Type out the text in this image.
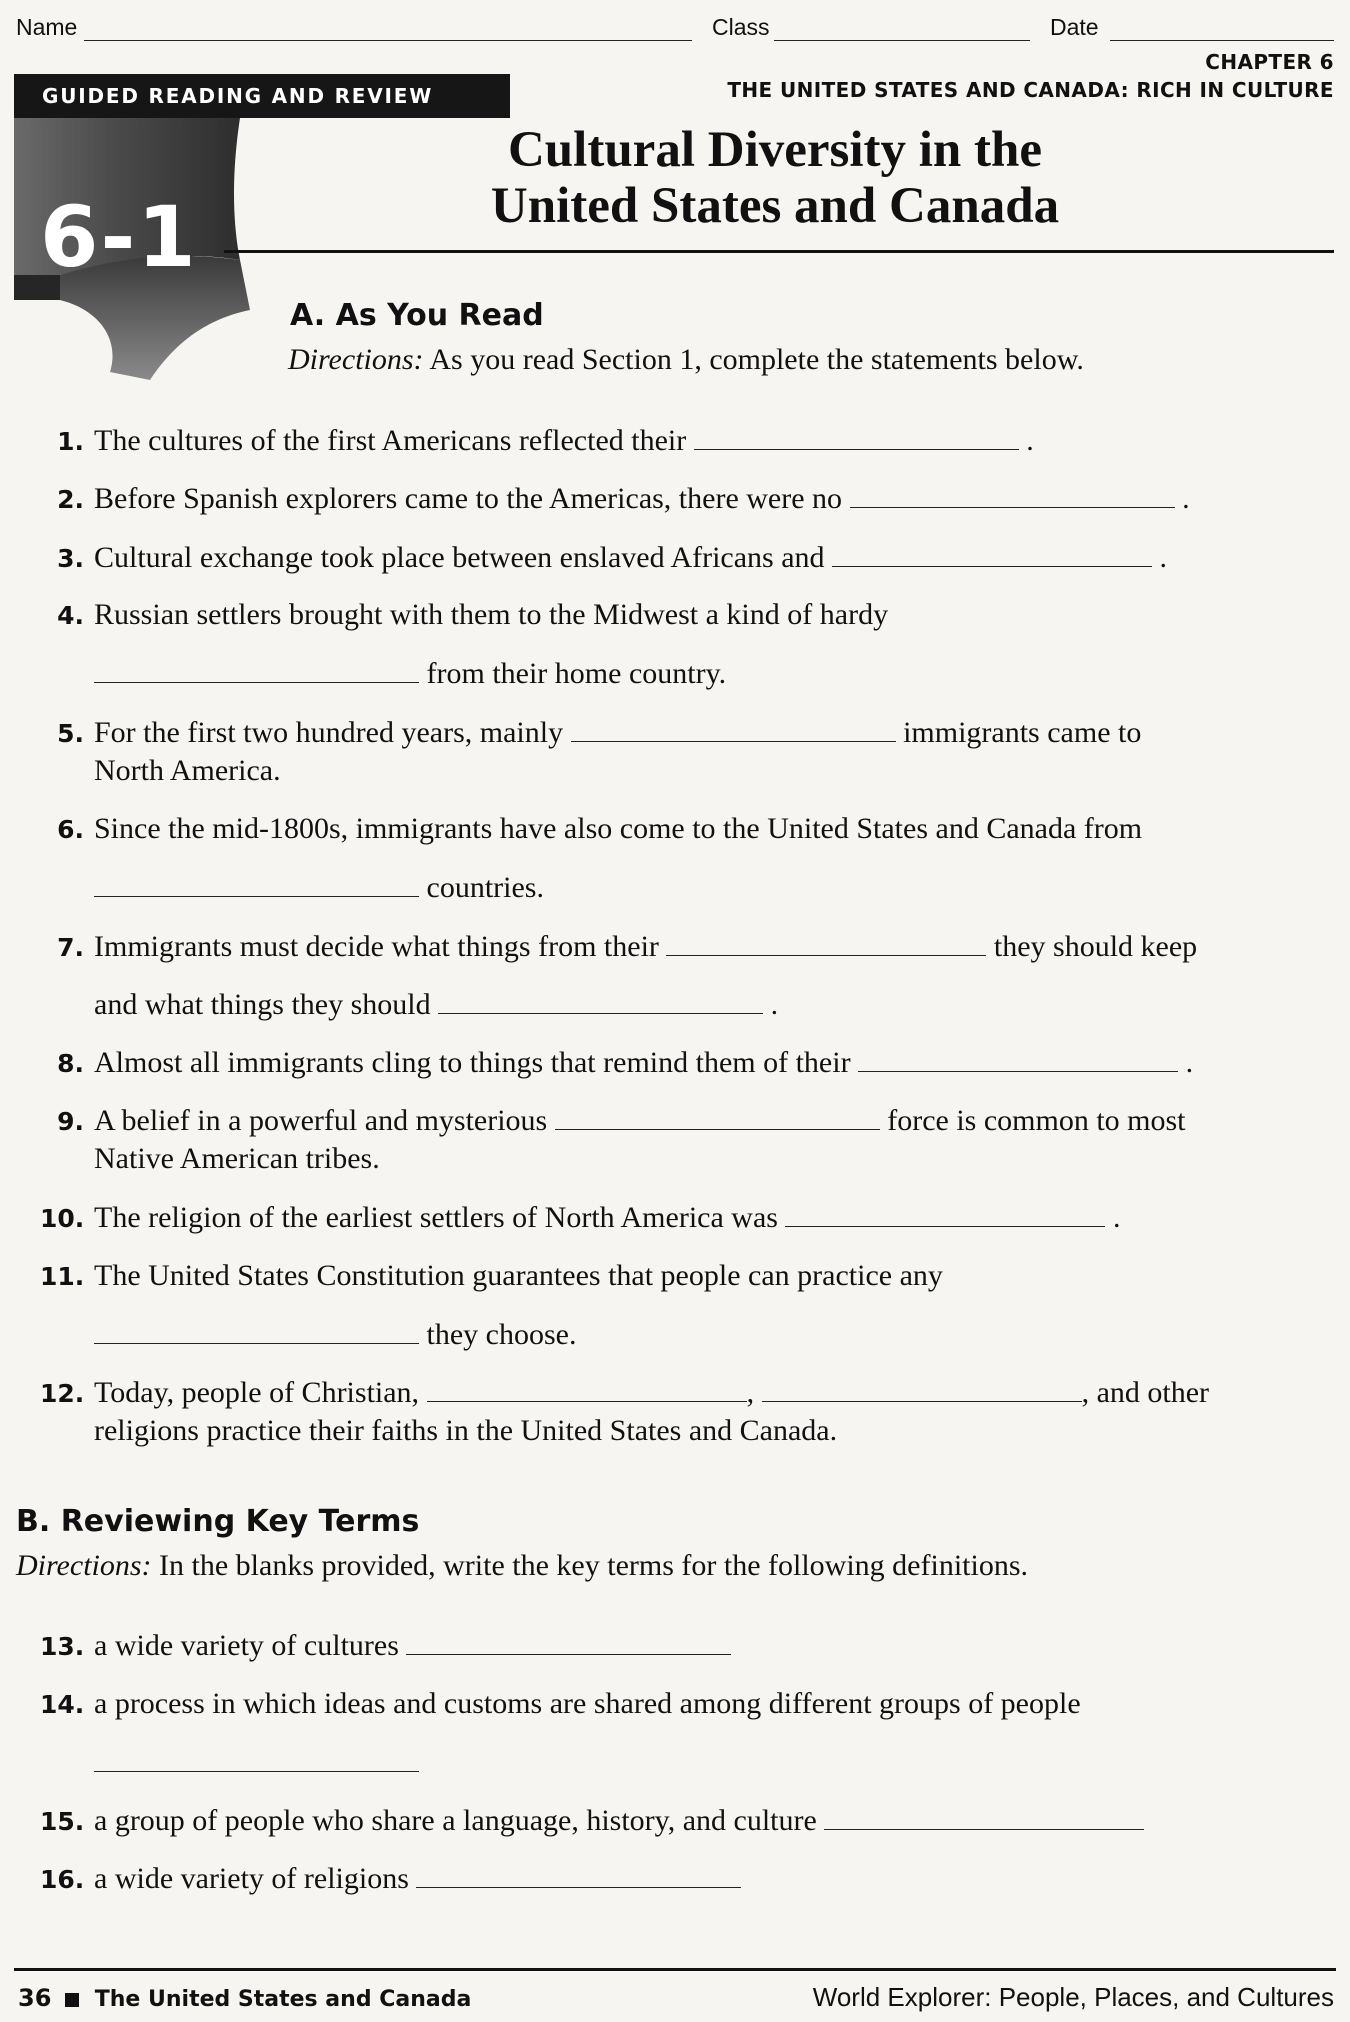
Name	Class	Date
CHAPTER 6
THE UNITED STATES AND CANADA: RICH IN CULTURE
GUIDED READING AND REVIEW
6-1
Cultural Diversity in the
United States and Canada
A. As You Read
Directions: As you read Section 1, complete the statements below.
1. The cultures of the first Americans reflected their	.
2. Before Spanish explorers came to the Americas, there were no	.
3. Cultural exchange took place between enslaved Africans and	.
4. Russian settlers brought with them to the Midwest a kind of hardy
from their home country.
5. For the first two hundred years, mainly	immigrants came to
North America.
6. Since the mid-1800s, immigrants have also come to the United States and Canada from
countries.
7. Immigrants must decide what things from their	they should keep
and what things they should	.
8. Almost all immigrants cling to things that remind them of their	.
9. A belief in a powerful and mysterious	force is common to most
Native American tribes.
10. The religion of the earliest settlers of North America was	.
11. The United States Constitution guarantees that people can practice any
they choose.
12. Today, people of Christian,	,	, and other
religions practice their faiths in the United States and Canada.
B. Reviewing Key Terms
Directions: In the blanks provided, write the key terms for the following definitions.
13. a wide variety of cultures
14. a process in which ideas and customs are shared among different groups of people
15. a group of people who share a language, history, and culture
16. a wide variety of religions
36 The United States and Canada	World Explorer: People, Places, and Cultures
